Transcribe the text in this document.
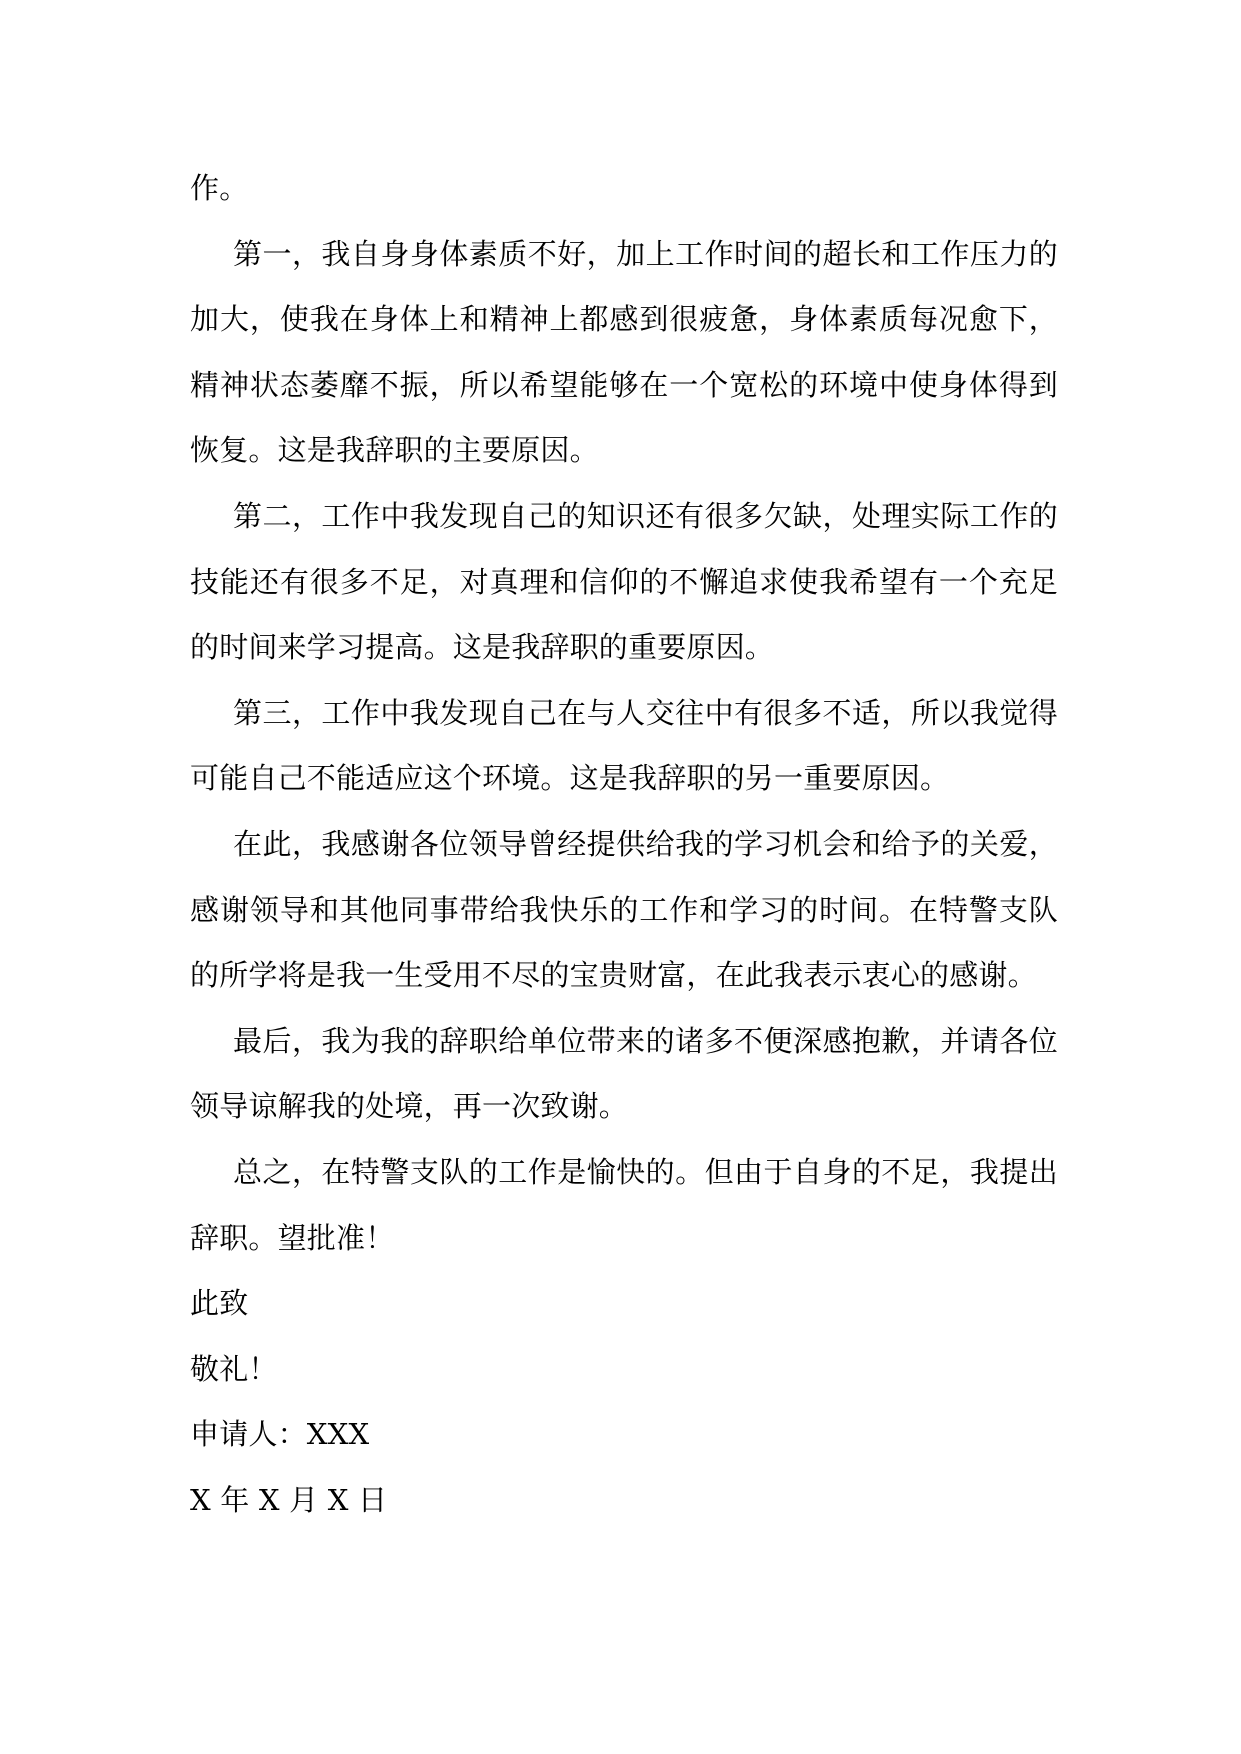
作。

第一，我自身身体素质不好，加上工作时间的超长和工作压力的加大，使我在身体上和精神上都感到很疲惫，身体素质每况愈下，精神状态萎靡不振，所以希望能够在一个宽松的环境中使身体得到恢复。这是我辞职的主要原因。

第二，工作中我发现自己的知识还有很多欠缺，处理实际工作的技能还有很多不足，对真理和信仰的不懈追求使我希望有一个充足的时间来学习提高。这是我辞职的重要原因。

第三，工作中我发现自己在与人交往中有很多不适，所以我觉得可能自己不能适应这个环境。这是我辞职的另一重要原因。

在此，我感谢各位领导曾经提供给我的学习机会和给予的关爱，感谢领导和其他同事带给我快乐的工作和学习的时间。在特警支队的所学将是我一生受用不尽的宝贵财富，在此我表示衷心的感谢。

最后，我为我的辞职给单位带来的诸多不便深感抱歉，并请各位领导谅解我的处境，再一次致谢。

总之，在特警支队的工作是愉快的。但由于自身的不足，我提出辞职。望批准！

此致

敬礼！

申请人：XXX

X 年 X 月 X 日
